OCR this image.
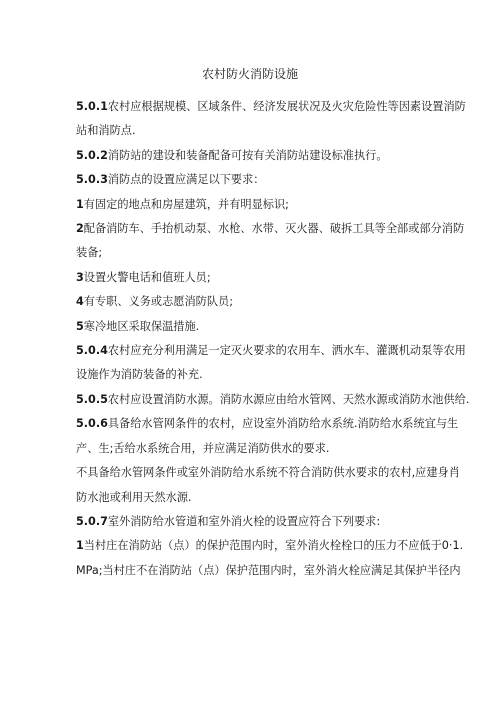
农村防火消防设施
5.0.1农村应根据规模、区域条件、经济发展状况及火灾危险性等因素设置消防
站和消防点.
5.0.2消防站的建设和装备配备可按有关消防站建设标准执行。
5.0.3消防点的设置应满足以下要求：
1有固定的地点和房屋建筑，并有明显标识;
2配备消防车、手抬机动泵、水枪、水带、灭火器、破拆工具等全部或部分消防
装备;
3设置火警电话和值班人员;
4有专职、义务或志愿消防队员;
5寒冷地区采取保温措施.
5.0.4农村应充分利用满足一定灭火要求的农用车、洒水车、灌溉机动泵等农用
设施作为消防装备的补充.
5.0.5农村应设置消防水源。消防水源应由给水管网、天然水源或消防水池供给.
5.0.6具备给水管网条件的农村，应设室外消防给水系统.消防给水系统宜与生
产、生;舌给水系统合用，并应满足消防供水的要求.
不具备给水管网条件或室外消防给水系统不符合消防供水要求的农村,应建身肖
防水池或利用天然水源.
5.0.7室外消防给水管道和室外消火栓的设置应符合下列要求:
1当村庄在消防站（点）的保护范围内时，室外消火栓栓口的压力不应低于0·1.
MPa;当村庄不在消防站（点）保护范围内时，室外消火栓应满足其保护半径内
